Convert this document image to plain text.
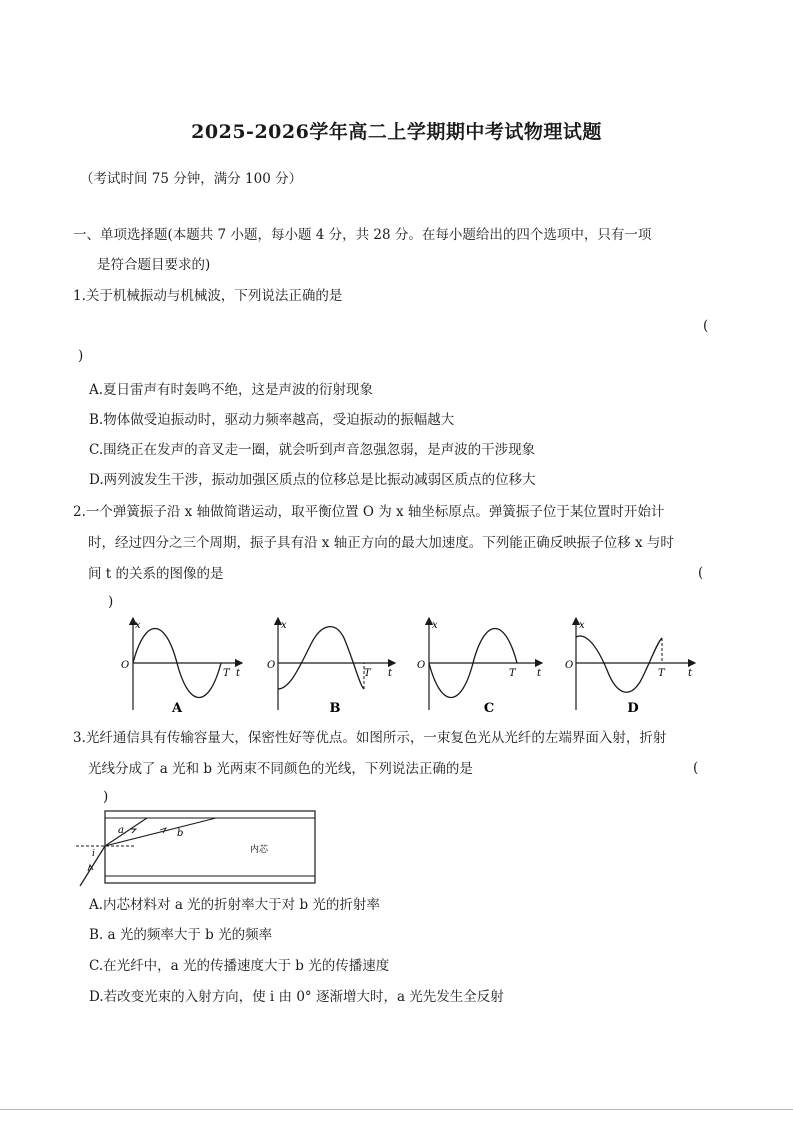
2025-2026学年高二上学期期中考试物理试题
（考试时间 75 分钟，满分 100 分）
一、单项选择题(本题共 7 小题，每小题 4 分，共 28 分。在每小题给出的四个选项中，只有一项
是符合题目要求的)
1.关于机械振动与机械波，下列说法正确的是
(
)
A.夏日雷声有时轰鸣不绝，这是声波的衍射现象
B.物体做受迫振动时，驱动力频率越高，受迫振动的振幅越大
C.围绕正在发声的音叉走一圈，就会听到声音忽强忽弱，是声波的干涉现象
D.两列波发生干涉，振动加强区质点的位移总是比振动减弱区质点的位移大
2.一个弹簧振子沿 x 轴做简谐运动，取平衡位置 O 为 x 轴坐标原点。弹簧振子位于某位置时开始计
时，经过四分之三个周期，振子具有沿 x 轴正方向的最大加速度。下列能正确反映振子位移 x 与时
间 t 的关系的图像的是	(
)
x
O
T t
A
x
O
T t
B
x
O
T t
C
x
O
T t
D
3.光纤通信具有传输容量大，保密性好等优点。如图所示，一束复色光从光纤的左端界面入射，折射
光线分成了 a 光和 b 光两束不同颜色的光线，下列说法正确的是	(
)
a	b
i	内芯
A.内芯材料对 a 光的折射率大于对 b 光的折射率
B. a 光的频率大于 b 光的频率
C.在光纤中，a 光的传播速度大于 b 光的传播速度
D.若改变光束的入射方向，使 i 由 0° 逐渐增大时，a 光先发生全反射
